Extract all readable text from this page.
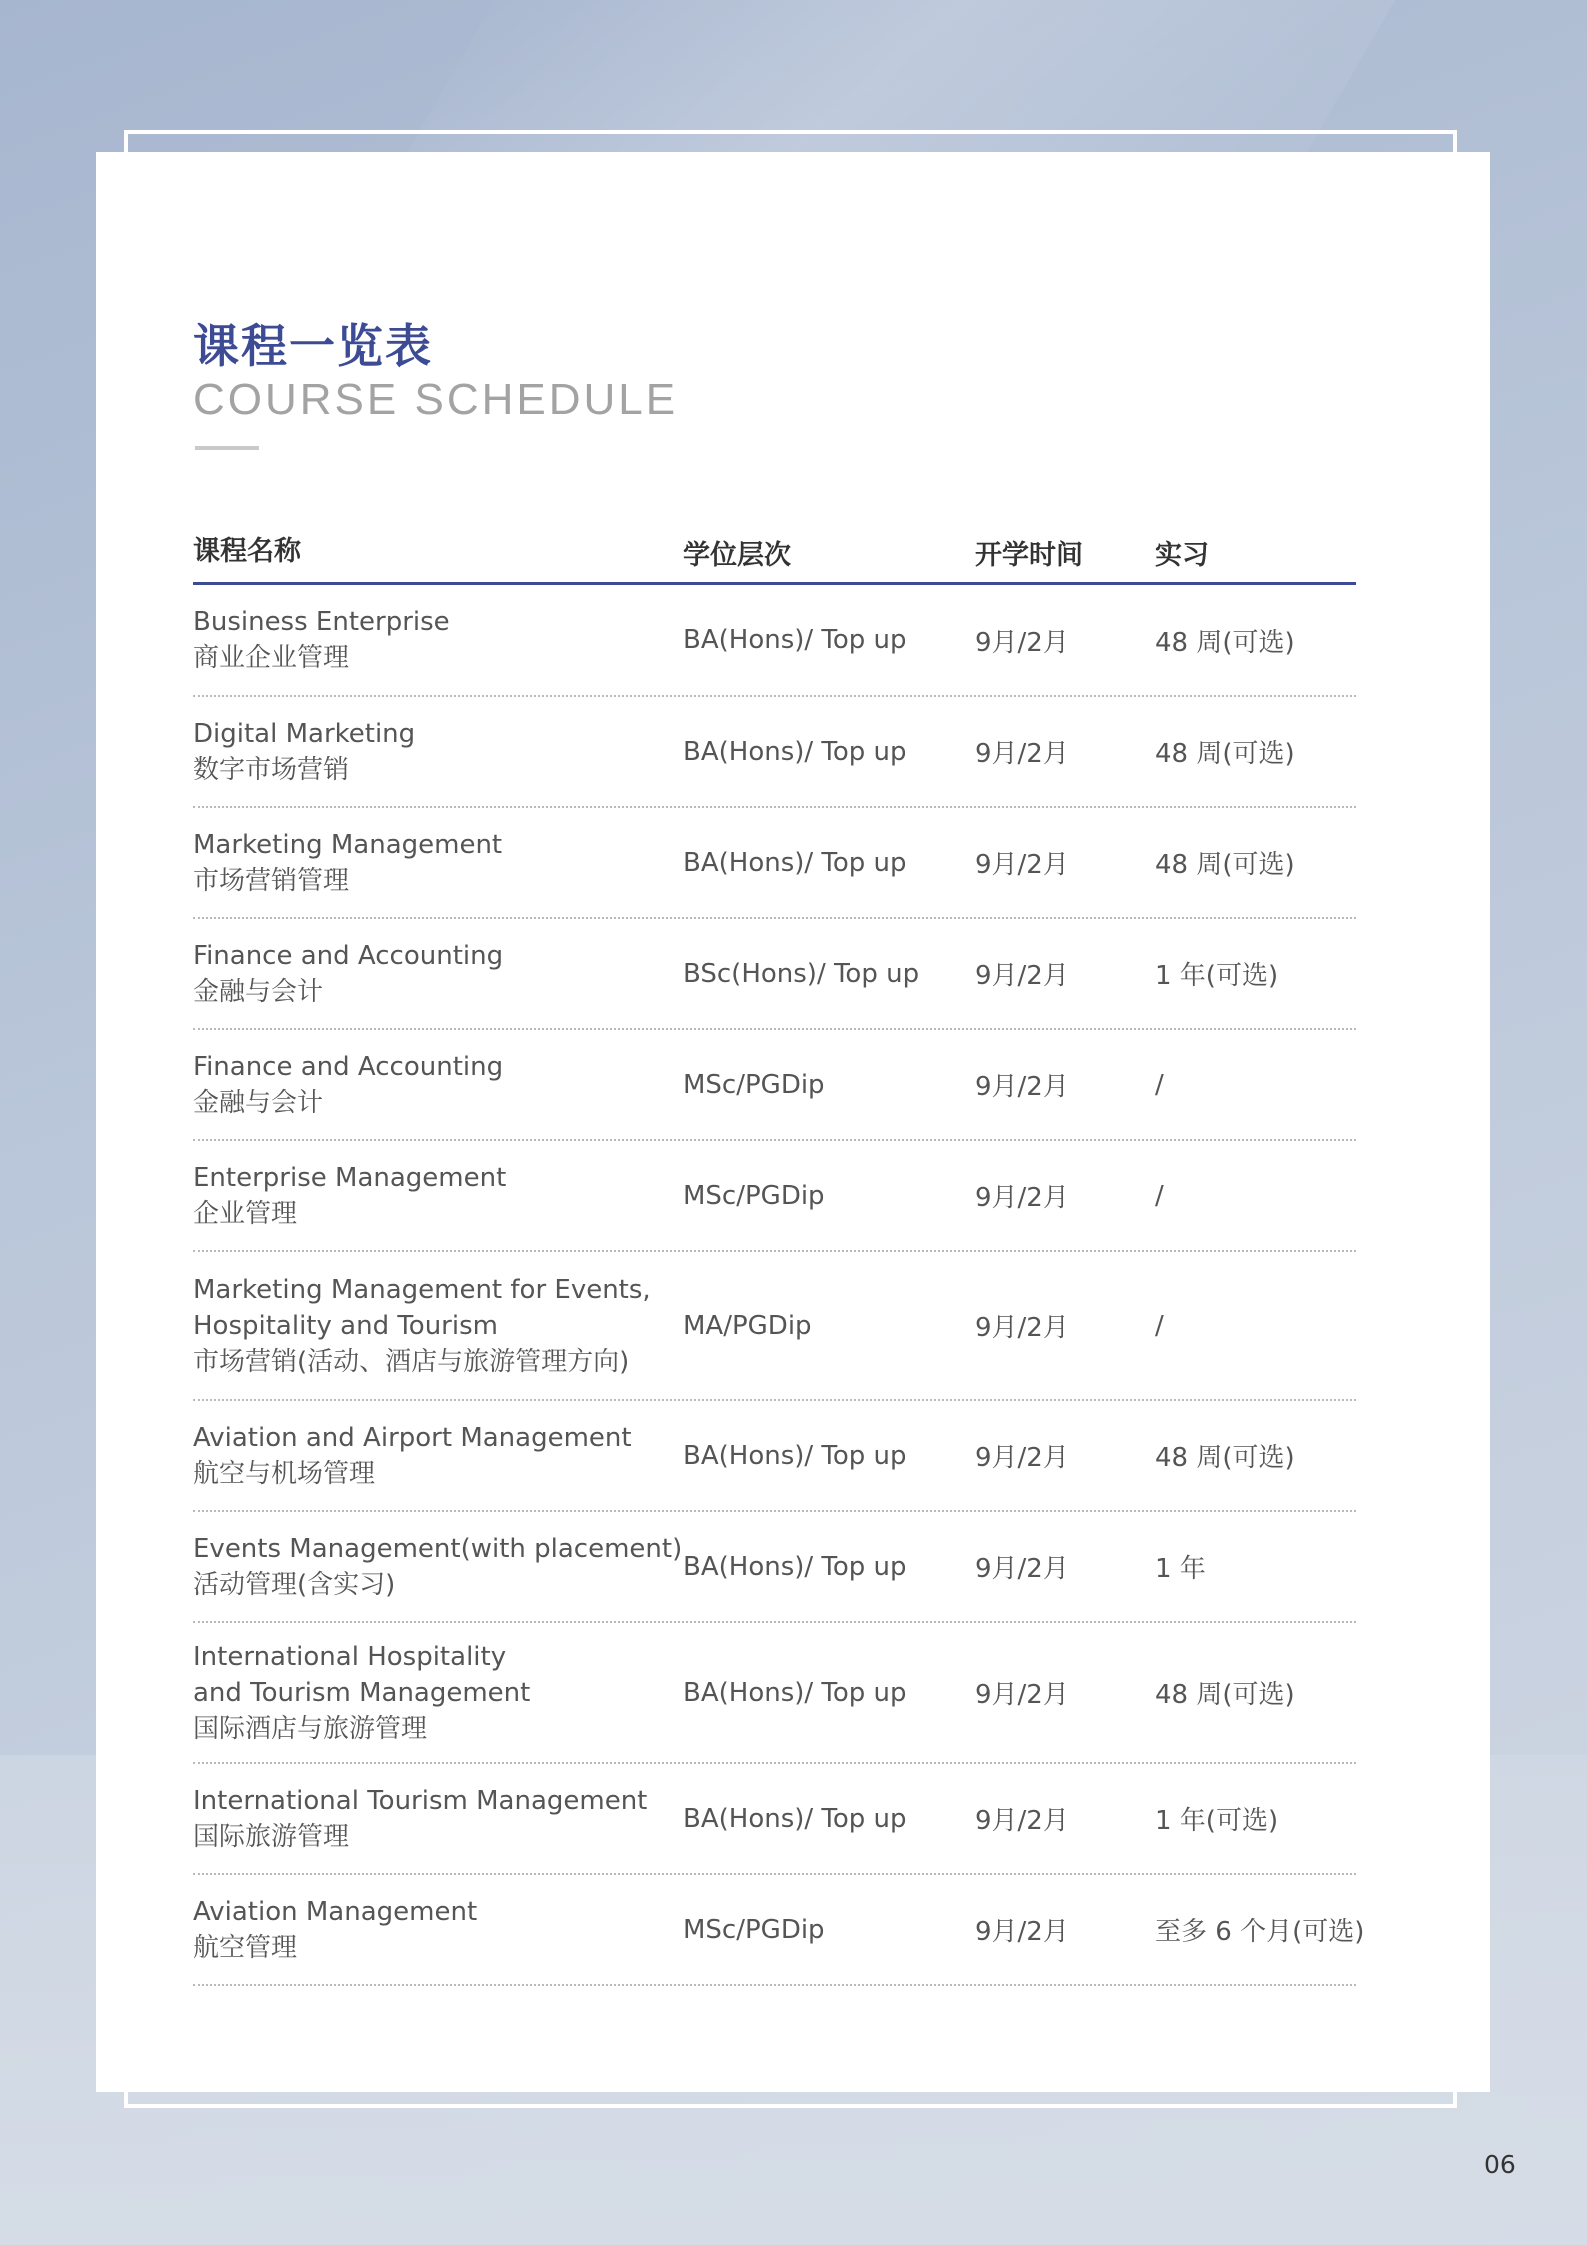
课程一览表
COURSE SCHEDULE
课程名称	学位层次	开学时间	实习
Business Enterprise
商业企业管理
BA(Hons)/ Top up	9月/2月	48 周(可选)
Digital Marketing
数字市场营销
BA(Hons)/ Top up	9月/2月	48 周(可选)
Marketing Management
市场营销管理
BA(Hons)/ Top up	9月/2月	48 周(可选)
Finance and Accounting
金融与会计
BSc(Hons)/ Top up	9月/2月	1 年(可选)
Finance and Accounting
金融与会计
MSc/PGDip	9月/2月	/
Enterprise Management
企业管理
MSc/PGDip	9月/2月	/
Marketing Management for Events,
Hospitality and Tourism
市场营销(活动、酒店与旅游管理方向)
MA/PGDip	9月/2月	/
Aviation and Airport Management
航空与机场管理
BA(Hons)/ Top up	9月/2月	48 周(可选)
Events Management(with placement)
活动管理(含实习)
BA(Hons)/ Top up	9月/2月	1 年
International Hospitality
and Tourism Management
国际酒店与旅游管理
BA(Hons)/ Top up	9月/2月	48 周(可选)
International Tourism Management
国际旅游管理
BA(Hons)/ Top up	9月/2月	1 年(可选)
Aviation Management
航空管理
MSc/PGDip	9月/2月	至多 6 个月(可选)
06
